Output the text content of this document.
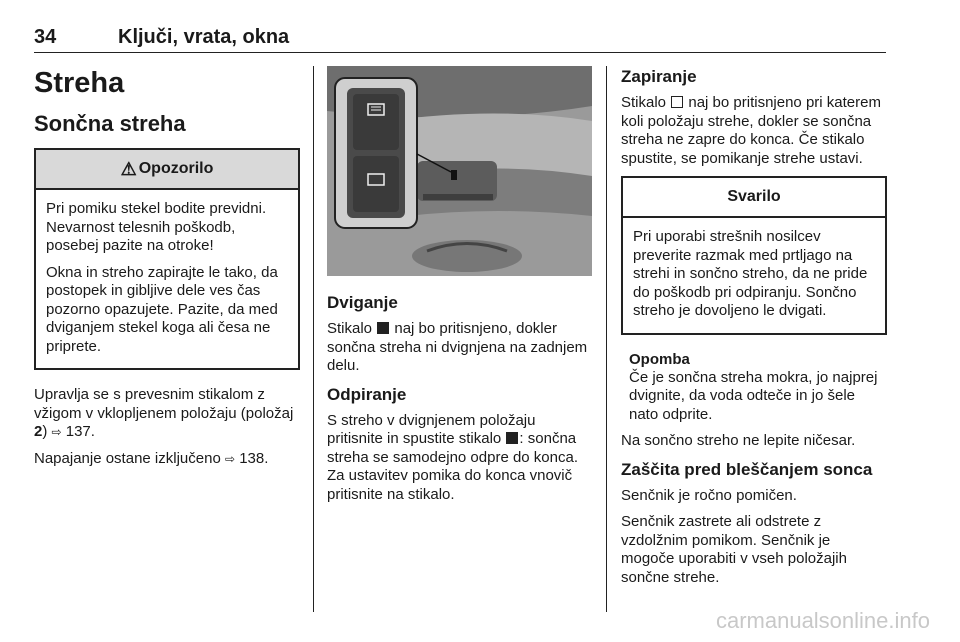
34	Ključi, vrata, okna
Streha
Sončna streha
⚠ Opozorilo

Pri pomiku stekel bodite previdni. Nevarnost telesnih poškodb, posebej pazite na otroke!

Okna in streho zapirajte le tako, da postopek in gibljive dele ves čas pozorno opazujete. Pazite, da med dviganjem stekel koga ali česa ne priprete.

Upravlja se s prevesnim stikalom z vžigom v vklopljenem položaju (položaj 2) ⇨ 137.

Napajanje ostane izključeno ⇨ 138.

Dviganje

Stikalo  naj bo pritisnjeno, dokler sončna streha ni dvignjena na zadnjem delu.

Odpiranje

S streho v dvignjenem položaju pritisnite in spustite stikalo : sončna streha se samodejno odpre do konca. Za ustavitev pomika do konca vnovič pritisnite na stikalo.

Zapiranje

Stikalo  naj bo pritisnjeno pri katerem koli položaju strehe, dokler se sončna streha ne zapre do konca. Če stikalo spustite, se pomikanje strehe ustavi.

Svarilo

Pri uporabi strešnih nosilcev preverite razmak med prtljago na strehi in sončno streho, da ne pride do poškodb pri odpiranju. Sončno streho je dovoljeno le dvigati.

Opomba

Če je sončna streha mokra, jo najprej dvignite, da voda odteče in jo šele nato odprite.

Na sončno streho ne lepite ničesar.

Zaščita pred bleščanjem sonca

Senčnik je ročno pomičen.

Senčnik zastrete ali odstrete z vzdolžnim pomikom. Senčnik je mogoče uporabiti v vseh položajih sončne strehe.

carmanualsonline.info
